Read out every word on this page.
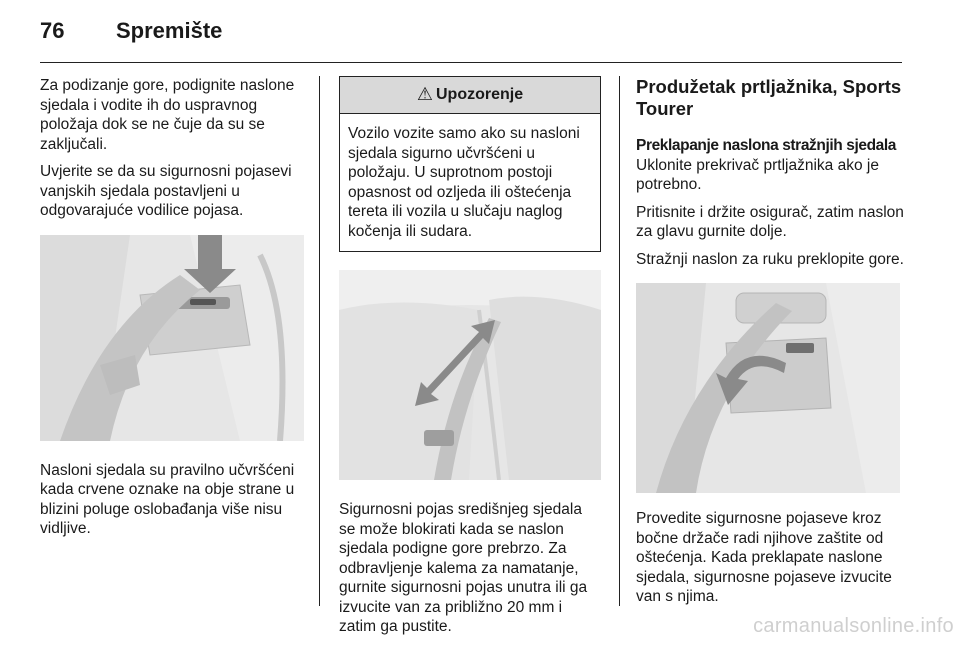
76	Spremište

Za podizanje gore, podignite naslone sjedala i vodite ih do uspravnog položaja dok se ne čuje da su se zaključali.

Uvjerite se da su sigurnosni pojasevi vanjskih sjedala postavljeni u odgovarajuće vodilice pojasa.

Nasloni sjedala su pravilno učvršćeni kada crvene oznake na obje strane u blizini poluge oslobađanja više nisu vidljive.

⚠ Upozorenje
Vozilo vozite samo ako su nasloni sjedala sigurno učvršćeni u položaju. U suprotnom postoji opasnost od ozljeda ili oštećenja tereta ili vozila u slučaju naglog kočenja ili sudara.

Sigurnosni pojas središnjeg sjedala se može blokirati kada se naslon sjedala podigne gore prebrzo. Za odbravljenje kalema za namatanje, gurnite sigurnosni pojas unutra ili ga izvucite van za približno 20 mm i zatim ga pustite.

Produžetak prtljažnika, Sports Tourer

Preklapanje naslona stražnjih sjedala
Uklonite prekrivač prtljažnika ako je potrebno.

Pritisnite i držite osigurač, zatim naslon za glavu gurnite dolje.

Stražnji naslon za ruku preklopite gore.

Provedite sigurnosne pojaseve kroz bočne držače radi njihove zaštite od oštećenja. Kada preklapate naslone sjedala, sigurnosne pojaseve izvucite van s njima.

carmanualsonline.info
